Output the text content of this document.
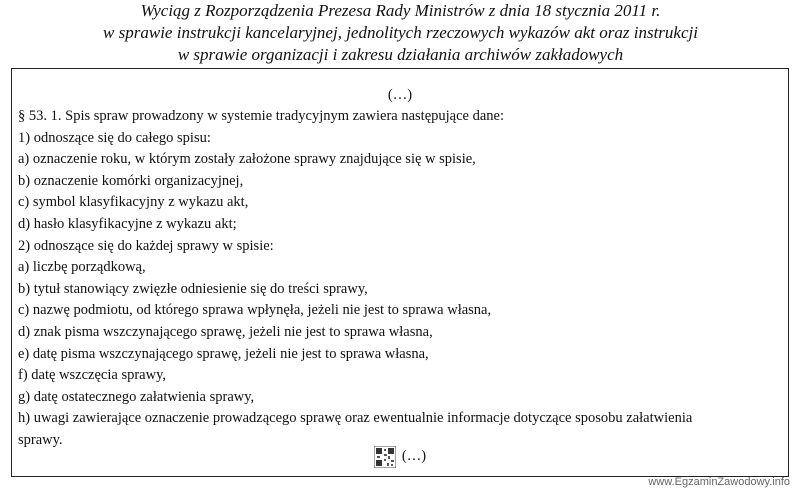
Wyciąg z Rozporządzenia Prezesa Rady Ministrów z dnia 18 stycznia 2011 r.
w sprawie instrukcji kancelaryjnej, jednolitych rzeczowych wykazów akt oraz instrukcji
w sprawie organizacji i zakresu działania archiwów zakładowych
(…)
§ 53. 1. Spis spraw prowadzony w systemie tradycyjnym zawiera następujące dane:
1) odnoszące się do całego spisu:
a) oznaczenie roku, w którym zostały założone sprawy znajdujące się w spisie,
b) oznaczenie komórki organizacyjnej,
c) symbol klasyfikacyjny z wykazu akt,
d) hasło klasyfikacyjne z wykazu akt;
2) odnoszące się do każdej sprawy w spisie:
a) liczbę porządkową,
b) tytuł stanowiący zwięzłe odniesienie się do treści sprawy,
c) nazwę podmiotu, od którego sprawa wpłynęła, jeżeli nie jest to sprawa własna,
d) znak pisma wszczynającego sprawę, jeżeli nie jest to sprawa własna,
e) datę pisma wszczynającego sprawę, jeżeli nie jest to sprawa własna,
f) datę wszczęcia sprawy,
g) datę ostatecznego załatwienia sprawy,
h) uwagi zawierające oznaczenie prowadzącego sprawę oraz ewentualnie informacje dotyczące sposobu załatwienia
sprawy.
(…)
www.EgzaminZawodowy.info
